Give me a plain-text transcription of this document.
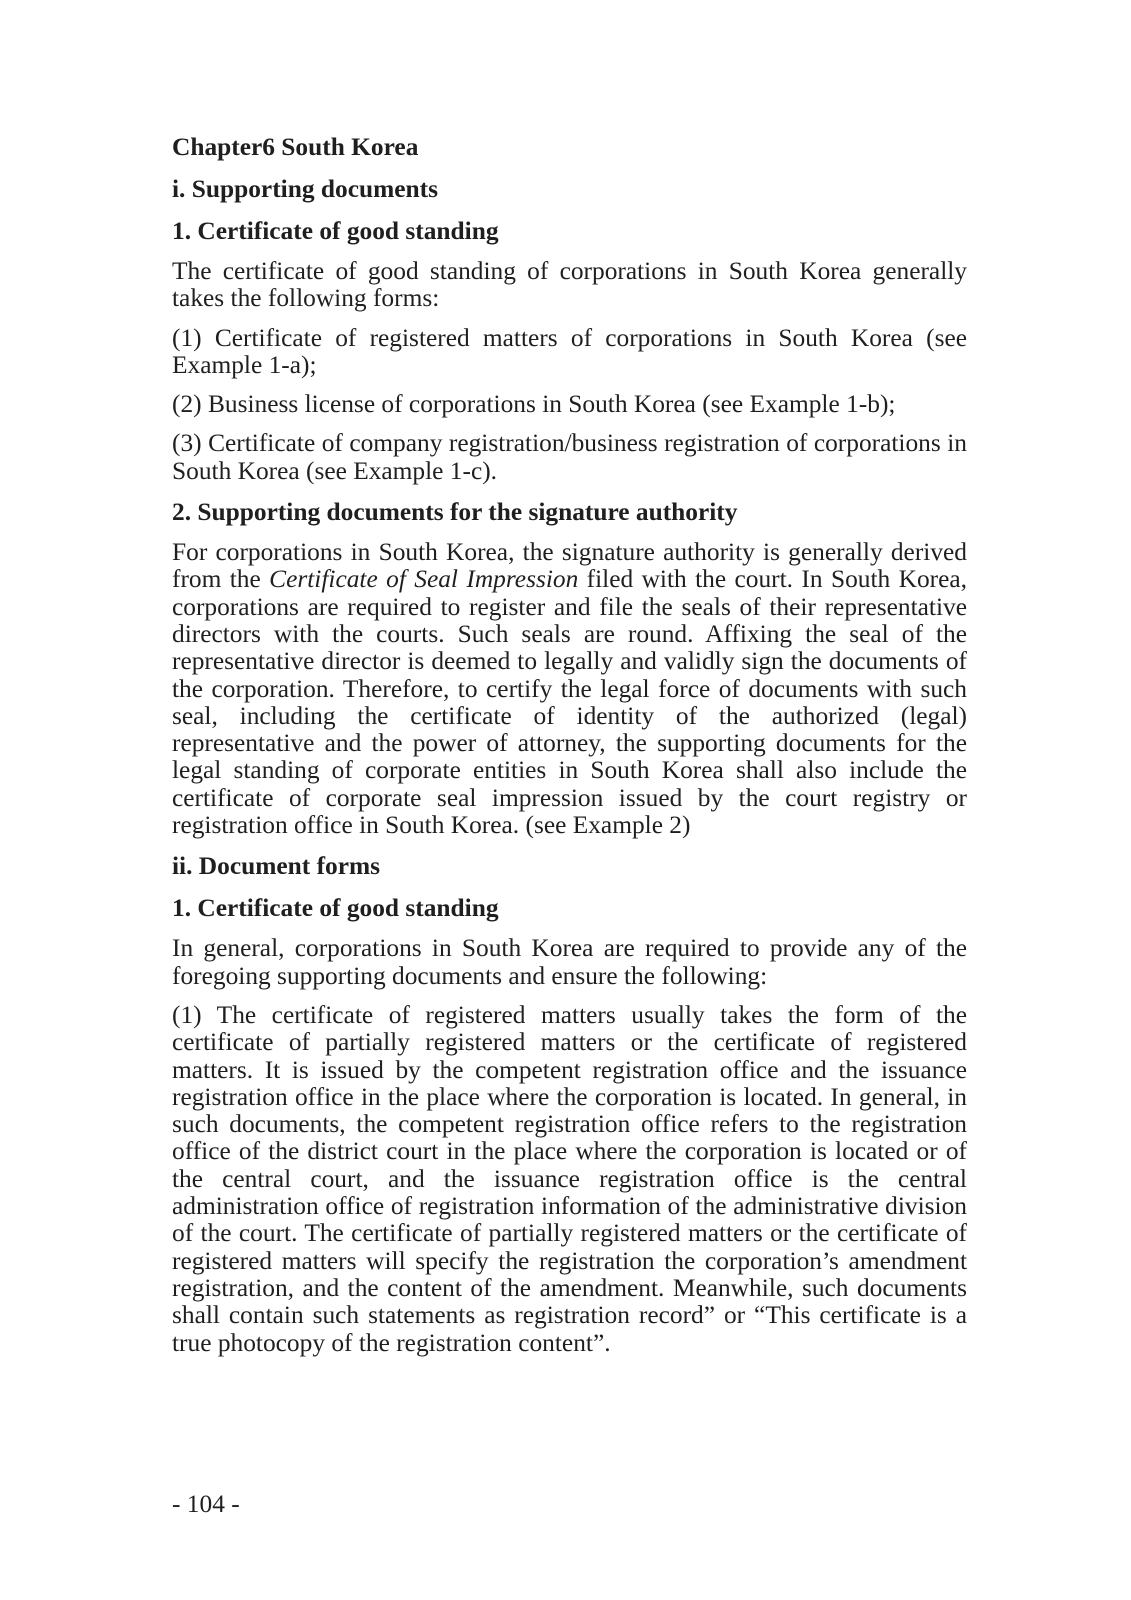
Chapter6 South Korea
i. Supporting documents
1. Certificate of good standing
The certificate of good standing of corporations in South Korea generally takes the following forms:
(1) Certificate of registered matters of corporations in South Korea (see Example 1-a);
(2) Business license of corporations in South Korea (see Example 1-b);
(3) Certificate of company registration/business registration of corporations in South Korea (see Example 1-c).
2. Supporting documents for the signature authority
For corporations in South Korea, the signature authority is generally derived from the Certificate of Seal Impression filed with the court. In South Korea, corporations are required to register and file the seals of their representative directors with the courts. Such seals are round. Affixing the seal of the representative director is deemed to legally and validly sign the documents of the corporation. Therefore, to certify the legal force of documents with such seal, including the certificate of identity of the authorized (legal) representative and the power of attorney, the supporting documents for the legal standing of corporate entities in South Korea shall also include the certificate of corporate seal impression issued by the court registry or registration office in South Korea. (see Example 2)
ii. Document forms
1. Certificate of good standing
In general, corporations in South Korea are required to provide any of the foregoing supporting documents and ensure the following:
(1) The certificate of registered matters usually takes the form of the certificate of partially registered matters or the certificate of registered matters. It is issued by the competent registration office and the issuance registration office in the place where the corporation is located. In general, in such documents, the competent registration office refers to the registration office of the district court in the place where the corporation is located or of the central court, and the issuance registration office is the central administration office of registration information of the administrative division of the court. The certificate of partially registered matters or the certificate of registered matters will specify the registration the corporation’s amendment registration, and the content of the amendment. Meanwhile, such documents shall contain such statements as registration record” or “This certificate is a true photocopy of the registration content”.
- 104 -
